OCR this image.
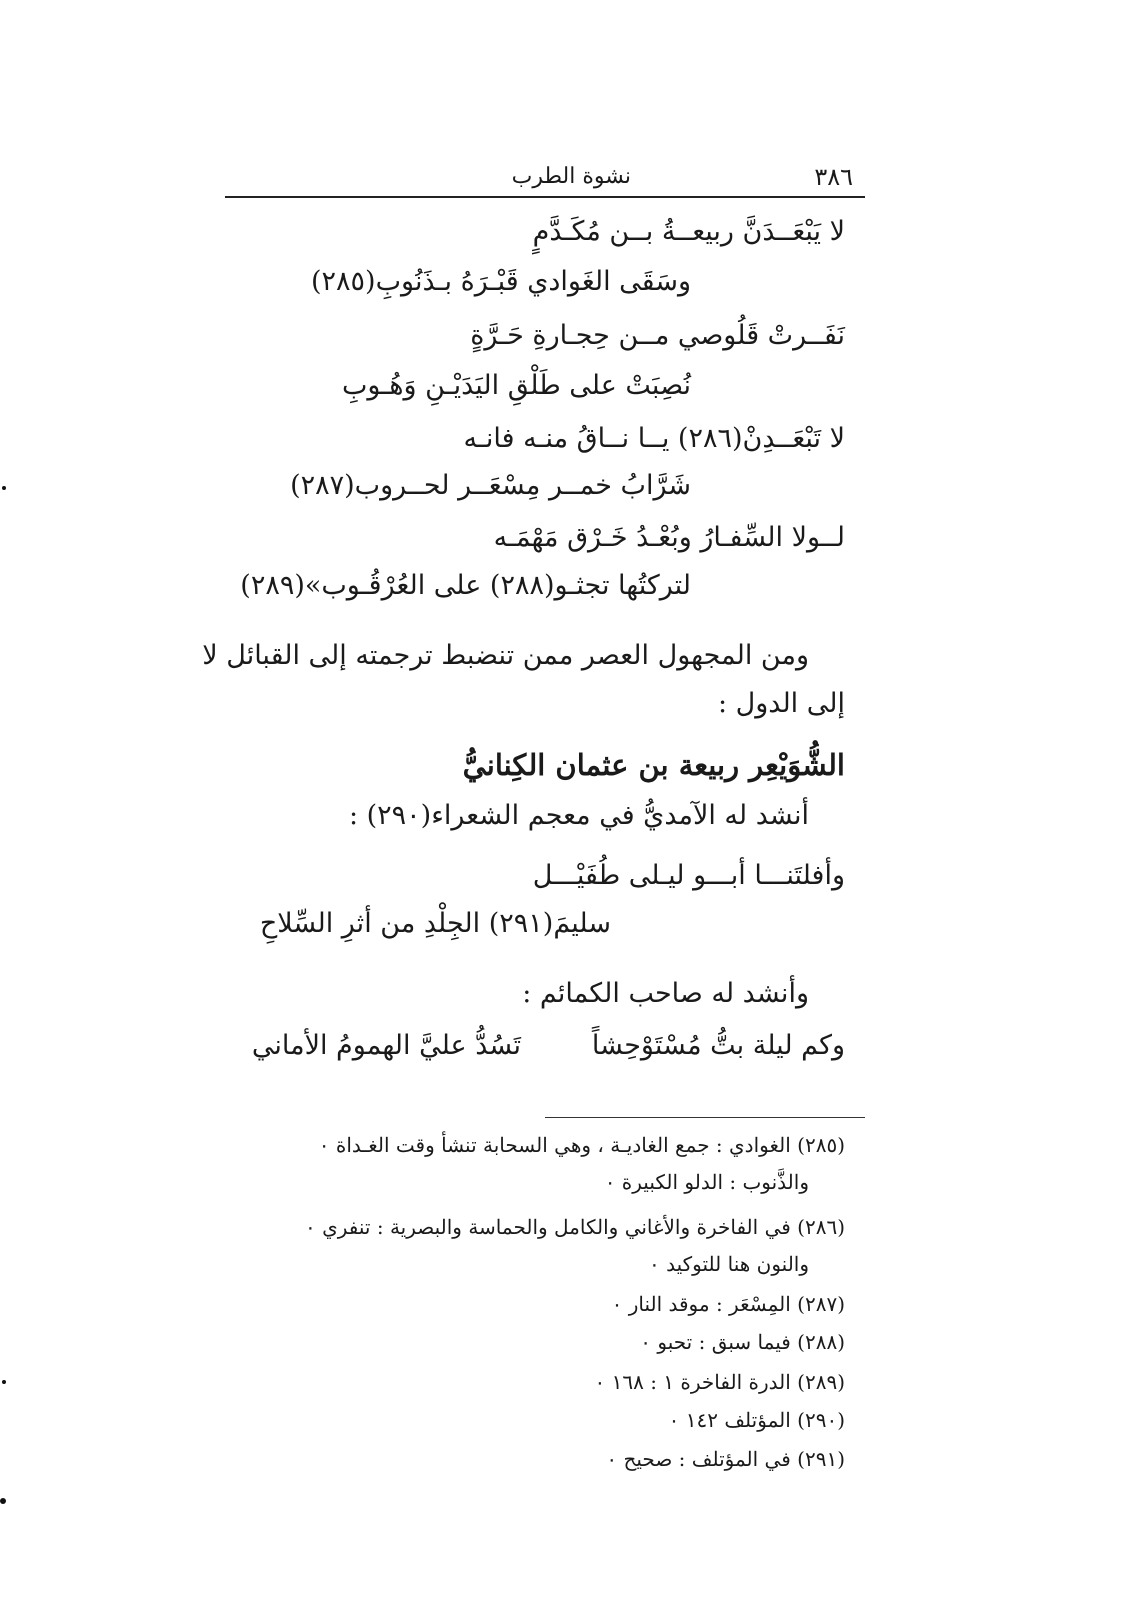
٣٨٦
نشوة الطرب
لا يَبْعَــدَنَّ ربيعــةُ بــن مُكَـدَّمٍ
وسَقَى الغَوادي قَبْـرَهُ بـذَنُوبِ(٢٨٥)
نَفَــرتْ قَلُوصي مــن حِجـارةِ حَـرَّةٍ
نُصِبَتْ على طَلْقِ اليَدَيْـنِ وَهُـوبِ
لا تَبْعَــدِنْ(٢٨٦) يــا نــاقُ منـه فانـه
شَرَّابُ خمــر مِسْعَــر لحــروب(٢٨٧)
لــولا السِّفـارُ وبُعْـدُ خَـرْق مَهْمَـه
لتركتُها تجثـو(٢٨٨) على العُرْقُـوب»(٢٨٩)
ومن المجهول العصر ممن تنضبط ترجمته إلى القبائل لا
إلى الدول :
الشُّوَيْعِر ربيعة بن عثمان الكِنانيُّ
أنشد له الآمديُّ في معجم الشعراء(٢٩٠) :
وأفلتَنـــا أبـــو ليـلى طُفَيْـــل
سليمَ(٢٩١) الجِلْدِ من أثرِ السِّلاحِ
وأنشد له صاحب الكمائم :
وكم ليلة بتُّ مُسْتَوْحِشاً
تَسُدُّ عليَّ الهمومُ الأماني
(٢٨٥) الغوادي : جمع الغاديـة ، وهي السحابة تنشأ وقت الغـداة ٠
والذَّنوب : الدلو الكبيرة ٠
(٢٨٦) في الفاخرة والأغاني والكامل والحماسة والبصرية : تنفري ٠
والنون هنا للتوكيد ٠
(٢٨٧) المِسْعَر : موقد النار ٠
(٢٨٨) فيما سبق : تحبو ٠
(٢٨٩) الدرة الفاخرة ١ : ١٦٨ ٠
(٢٩٠) المؤتلف ١٤٢ ٠
(٢٩١) في المؤتلف : صحيح ٠
